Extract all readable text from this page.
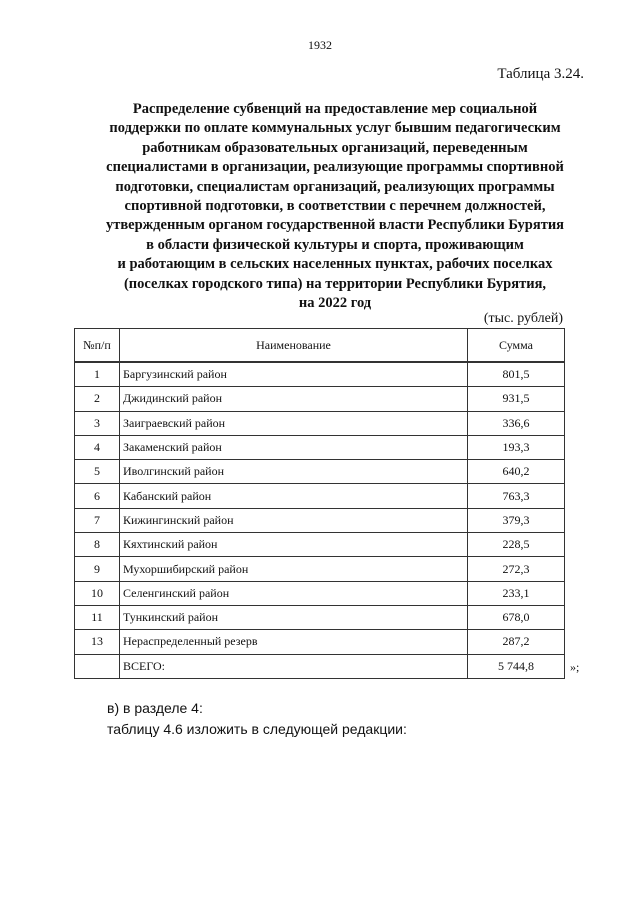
1932
Таблица 3.24.
Распределение субвенций на предоставление мер социальной
поддержки по оплате коммунальных услуг бывшим педагогическим
работникам образовательных организаций, переведенным
специалистами в организации, реализующие программы спортивной
подготовки, специалистам организаций, реализующих программы
спортивной подготовки, в соответствии с перечнем должностей,
утвержденным органом государственной власти Республики Бурятия
в области физической культуры и спорта, проживающим
и работающим в сельских населенных пунктах, рабочих поселках
(поселках городского типа) на территории Республики Бурятия,
на 2022 год
(тыс. рублей)
№п/п	Наименование	Сумма
1	Баргузинский район	801,5
2	Джидинский район	931,5
3	Заиграевский район	336,6
4	Закаменский район	193,3
5	Иволгинский район	640,2
6	Кабанский район	763,3
7	Кижингинский район	379,3
8	Кяхтинский район	228,5
9	Мухоршибирский район	272,3
10	Селенгинский район	233,1
11	Тункинский район	678,0
13	Нераспределенный резерв	287,2
	ВСЕГО:	5 744,8	»;
в) в разделе 4:
таблицу 4.6 изложить в следующей редакции:
